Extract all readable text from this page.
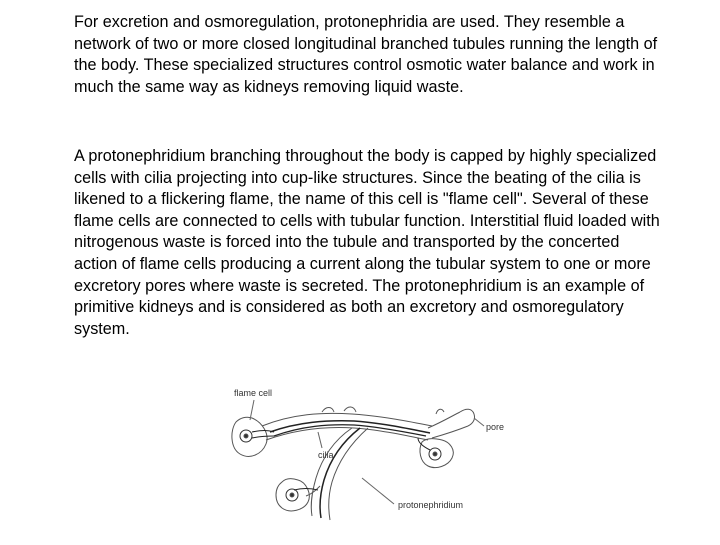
For excretion and osmoregulation, protonephridia are used. They resemble a network of two or more closed longitudinal branched tubules running the length of the body. These specialized structures control osmotic water balance and work in much the same way as kidneys removing liquid waste.

A protonephridium branching throughout the body is capped by highly specialized cells with cilia projecting into cup-like structures. Since the beating of the cilia is likened to a flickering flame, the name of this cell is "flame cell". Several of these flame cells are connected to cells with tubular function. Interstitial fluid loaded with nitrogenous waste is forced into the tubule and transported by the concerted action of flame cells producing a current along the tubular system to one or more excretory pores where waste is secreted. The protonephridium is an example of primitive kidneys and is considered as both an excretory and osmoregulatory system.

flame cell
pore
cilia
protonephridium
